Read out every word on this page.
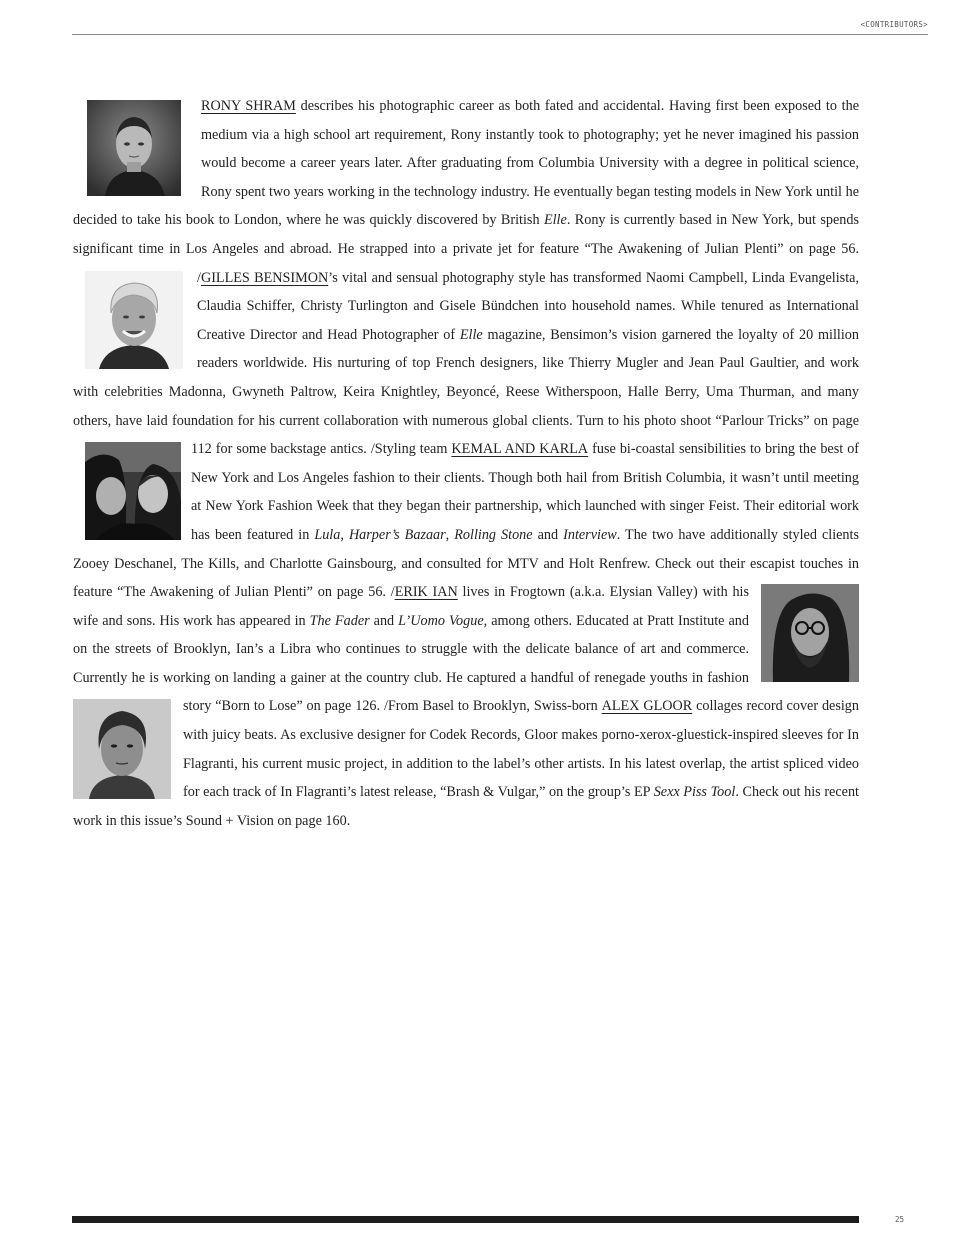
<CONTRIBUTORS>

RONY SHRAM
describes his photographic career as both fated and accidental. Having first been exposed to the medium via a high school art requirement, Rony instantly took to photography; yet he never imagined his passion would become a career years later. After graduating from Columbia University with a degree in political science, Rony spent two years working in the technology industry. He eventually began testing models in New York until he decided to take his book to London, where he was quickly discovered by British Elle. Rony is currently based in New York, but spends significant time in Los Angeles and abroad. He strapped into a private jet for feature “The Awakening of Julian Plenti” on page 56. /GILLES BENSIMON
’s vital and sensual photography style has transformed Naomi Campbell, Linda Evangelista, Claudia Schiffer, Christy Turlington and Gisele Bündchen into household names. While tenured as International Creative Director and Head Photographer of Elle magazine, Bensimon’s vision garnered the loyalty of 20 million readers worldwide. His nurturing of top French designers, like Thierry Mugler and Jean Paul Gaultier, and work with celebrities Madonna, Gwyneth Paltrow, Keira Knightley, Beyoncé, Reese Witherspoon, Halle Berry, Uma Thurman, and many others, have laid foundation for his current collaboration with numerous global clients. Turn to his photo shoot “Parlour Tricks” on page 112 for some backstage antics. /Styling team KEMAL AND KARLA
fuse bi-coastal sensibilities to bring the best of New York and Los Angeles fashion to their clients. Though both hail from British Columbia, it wasn’t until meeting at New York Fashion Week that they began their partnership, which launched with singer Feist. Their editorial work has been featured in Lula, Harper’s Bazaar, Rolling Stone and Interview. The two have additionally styled clients Zooey Deschanel, The Kills, and Charlotte Gainsbourg, and consulted for MTV and Holt Renfrew. Check out their escapist touches in feature “The Awakening of Julian Plenti” on page 56. /ERIK IAN
lives in Frogtown (a.k.a. Elysian Valley) with his wife and sons. His work has appeared in The Fader and L’Uomo Vogue, among others. Educated at Pratt Institute and on the streets of Brooklyn, Ian’s a Libra who continues to struggle with the delicate balance of art and commerce. Currently he is working on landing a gainer at the country club. He captured a handful of renegade youths in fashion story “Born to Lose” on page 126. /From Basel to Brooklyn, Swiss-born
ALEX GLOOR collages record cover design with juicy beats. As exclusive designer for Codek Records, Gloor makes porno-xerox-gluestick-inspired sleeves for In Flagranti, his current music project, in addition to the label’s other artists. In his latest overlap, the artist spliced video for each track of In Flagranti’s latest release, “Brash & Vulgar,” on the group’s EP Sexx Piss Tool. Check out his recent work in this issue’s Sound + Vision on page 160.

25
